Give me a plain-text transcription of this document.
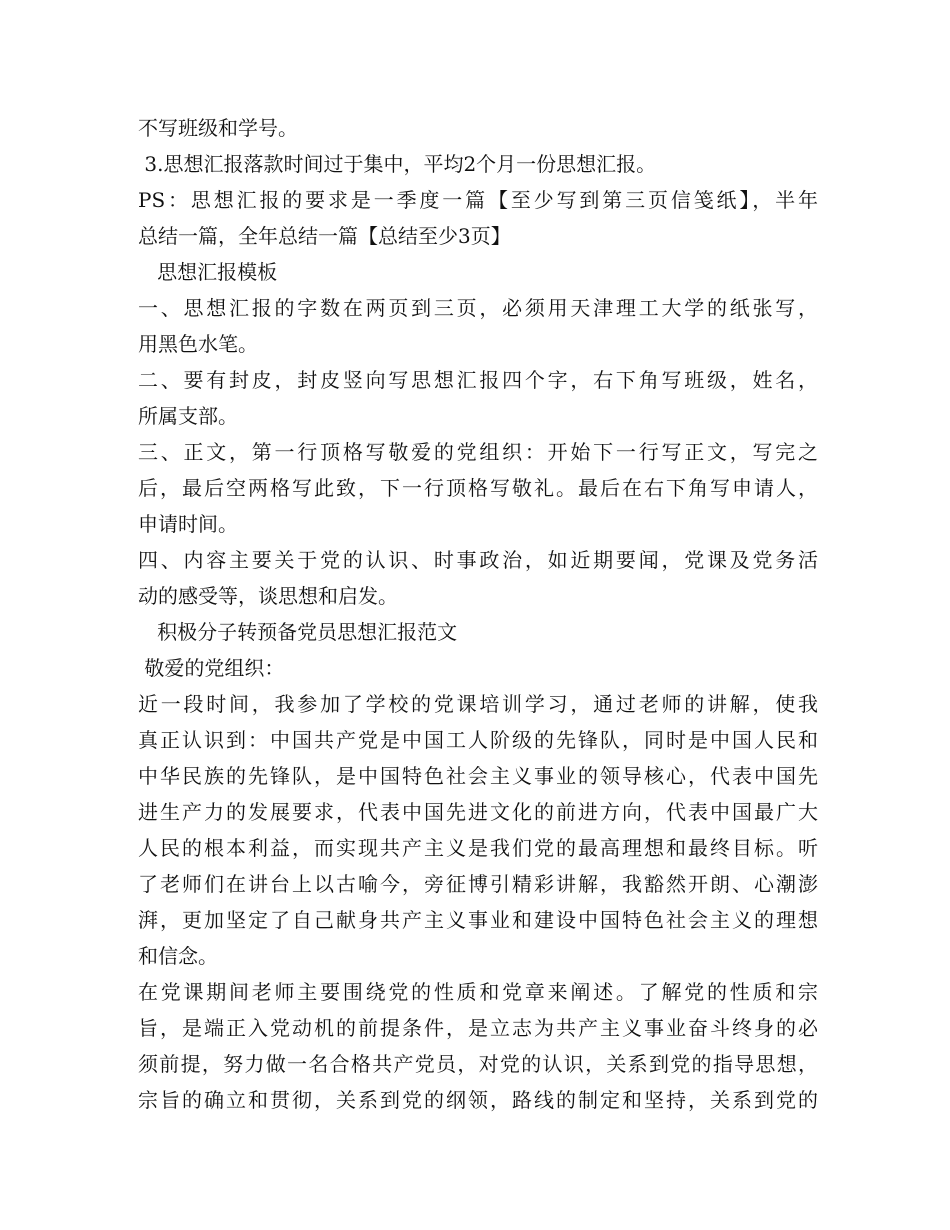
不写班级和学号。
3.思想汇报落款时间过于集中，平均2个月一份思想汇报。
PS：思想汇报的要求是一季度一篇【至少写到第三页信笺纸】，半年
总结一篇，全年总结一篇【总结至少3页】
思想汇报模板
一、思想汇报的字数在两页到三页，必须用天津理工大学的纸张写，
用黑色水笔。
二、要有封皮，封皮竖向写思想汇报四个字，右下角写班级，姓名，
所属支部。
三、正文，第一行顶格写敬爱的党组织：开始下一行写正文，写完之
后，最后空两格写此致，下一行顶格写敬礼。最后在右下角写申请人，
申请时间。
四、内容主要关于党的认识、时事政治，如近期要闻，党课及党务活
动的感受等，谈思想和启发。
积极分子转预备党员思想汇报范文
敬爱的党组织：
近一段时间，我参加了学校的党课培训学习，通过老师的讲解，使我
真正认识到：中国共产党是中国工人阶级的先锋队，同时是中国人民和
中华民族的先锋队，是中国特色社会主义事业的领导核心，代表中国先
进生产力的发展要求，代表中国先进文化的前进方向，代表中国最广大
人民的根本利益，而实现共产主义是我们党的最高理想和最终目标。听
了老师们在讲台上以古喻今，旁征博引精彩讲解，我豁然开朗、心潮澎
湃，更加坚定了自己献身共产主义事业和建设中国特色社会主义的理想
和信念。
在党课期间老师主要围绕党的性质和党章来阐述。了解党的性质和宗
旨，是端正入党动机的前提条件，是立志为共产主义事业奋斗终身的必
须前提，努力做一名合格共产党员，对党的认识，关系到党的指导思想，
宗旨的确立和贯彻，关系到党的纲领，路线的制定和坚持，关系到党的
